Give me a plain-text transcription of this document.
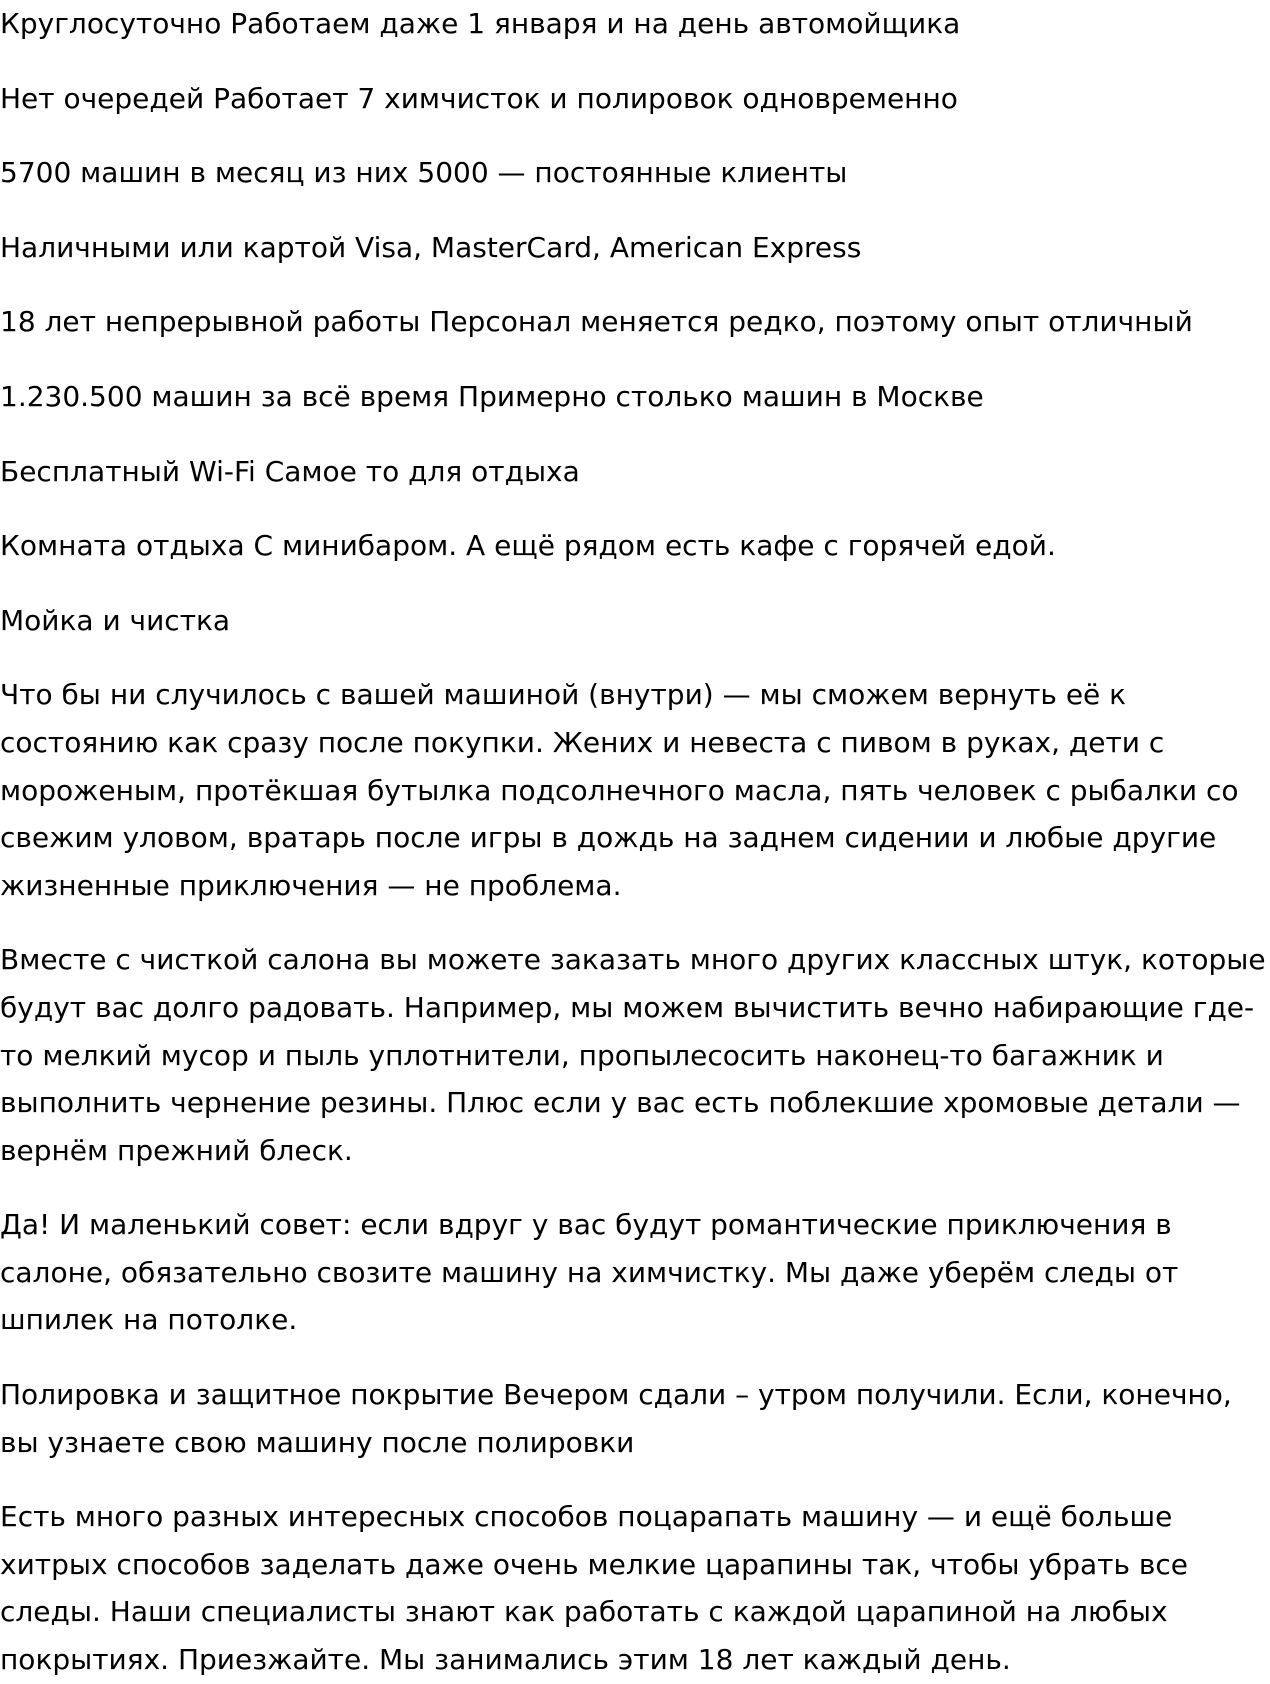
Круглосуточно Работаем даже 1 января и на день автомойщика

Нет очередей Работает 7 химчисток и полировок одновременно

5700 машин в месяц из них 5000 — постоянные клиенты

Наличными или картой Visa, MasterCard, American Express

18 лет непрерывной работы Персонал меняется редко, поэтому опыт отличный

1.230.500 машин за всё время Примерно столько машин в Москве

Бесплатный Wi-Fi Самое то для отдыха

Комната отдыха С минибаром. А ещё рядом есть кафе с горячей едой.

Мойка и чистка

Что бы ни случилось с вашей машиной (внутри) — мы сможем вернуть её к состоянию как сразу после покупки. Жених и невеста с пивом в руках, дети с мороженым, протёкшая бутылка подсолнечного масла, пять человек с рыбалки со свежим уловом, вратарь после игры в дождь на заднем сидении и любые другие жизненные приключения — не проблема.

Вместе с чисткой салона вы можете заказать много других классных штук, которые будут вас долго радовать. Например, мы можем вычистить вечно набирающие где-то мелкий мусор и пыль уплотнители, пропылесосить наконец-то багажник и выполнить чернение резины. Плюс если у вас есть поблекшие хромовые детали — вернём прежний блеск.

Да! И маленький совет: если вдруг у вас будут романтические приключения в салоне, обязательно свозите машину на химчистку. Мы даже уберём следы от шпилек на потолке.

Полировка и защитное покрытие Вечером сдали – утром получили. Если, конечно, вы узнаете свою машину после полировки

Есть много разных интересных способов поцарапать машину — и ещё больше хитрых способов заделать даже очень мелкие царапины так, чтобы убрать все следы. Наши специалисты знают как работать с каждой царапиной на любых покрытиях. Приезжайте. Мы занимались этим 18 лет каждый день.
